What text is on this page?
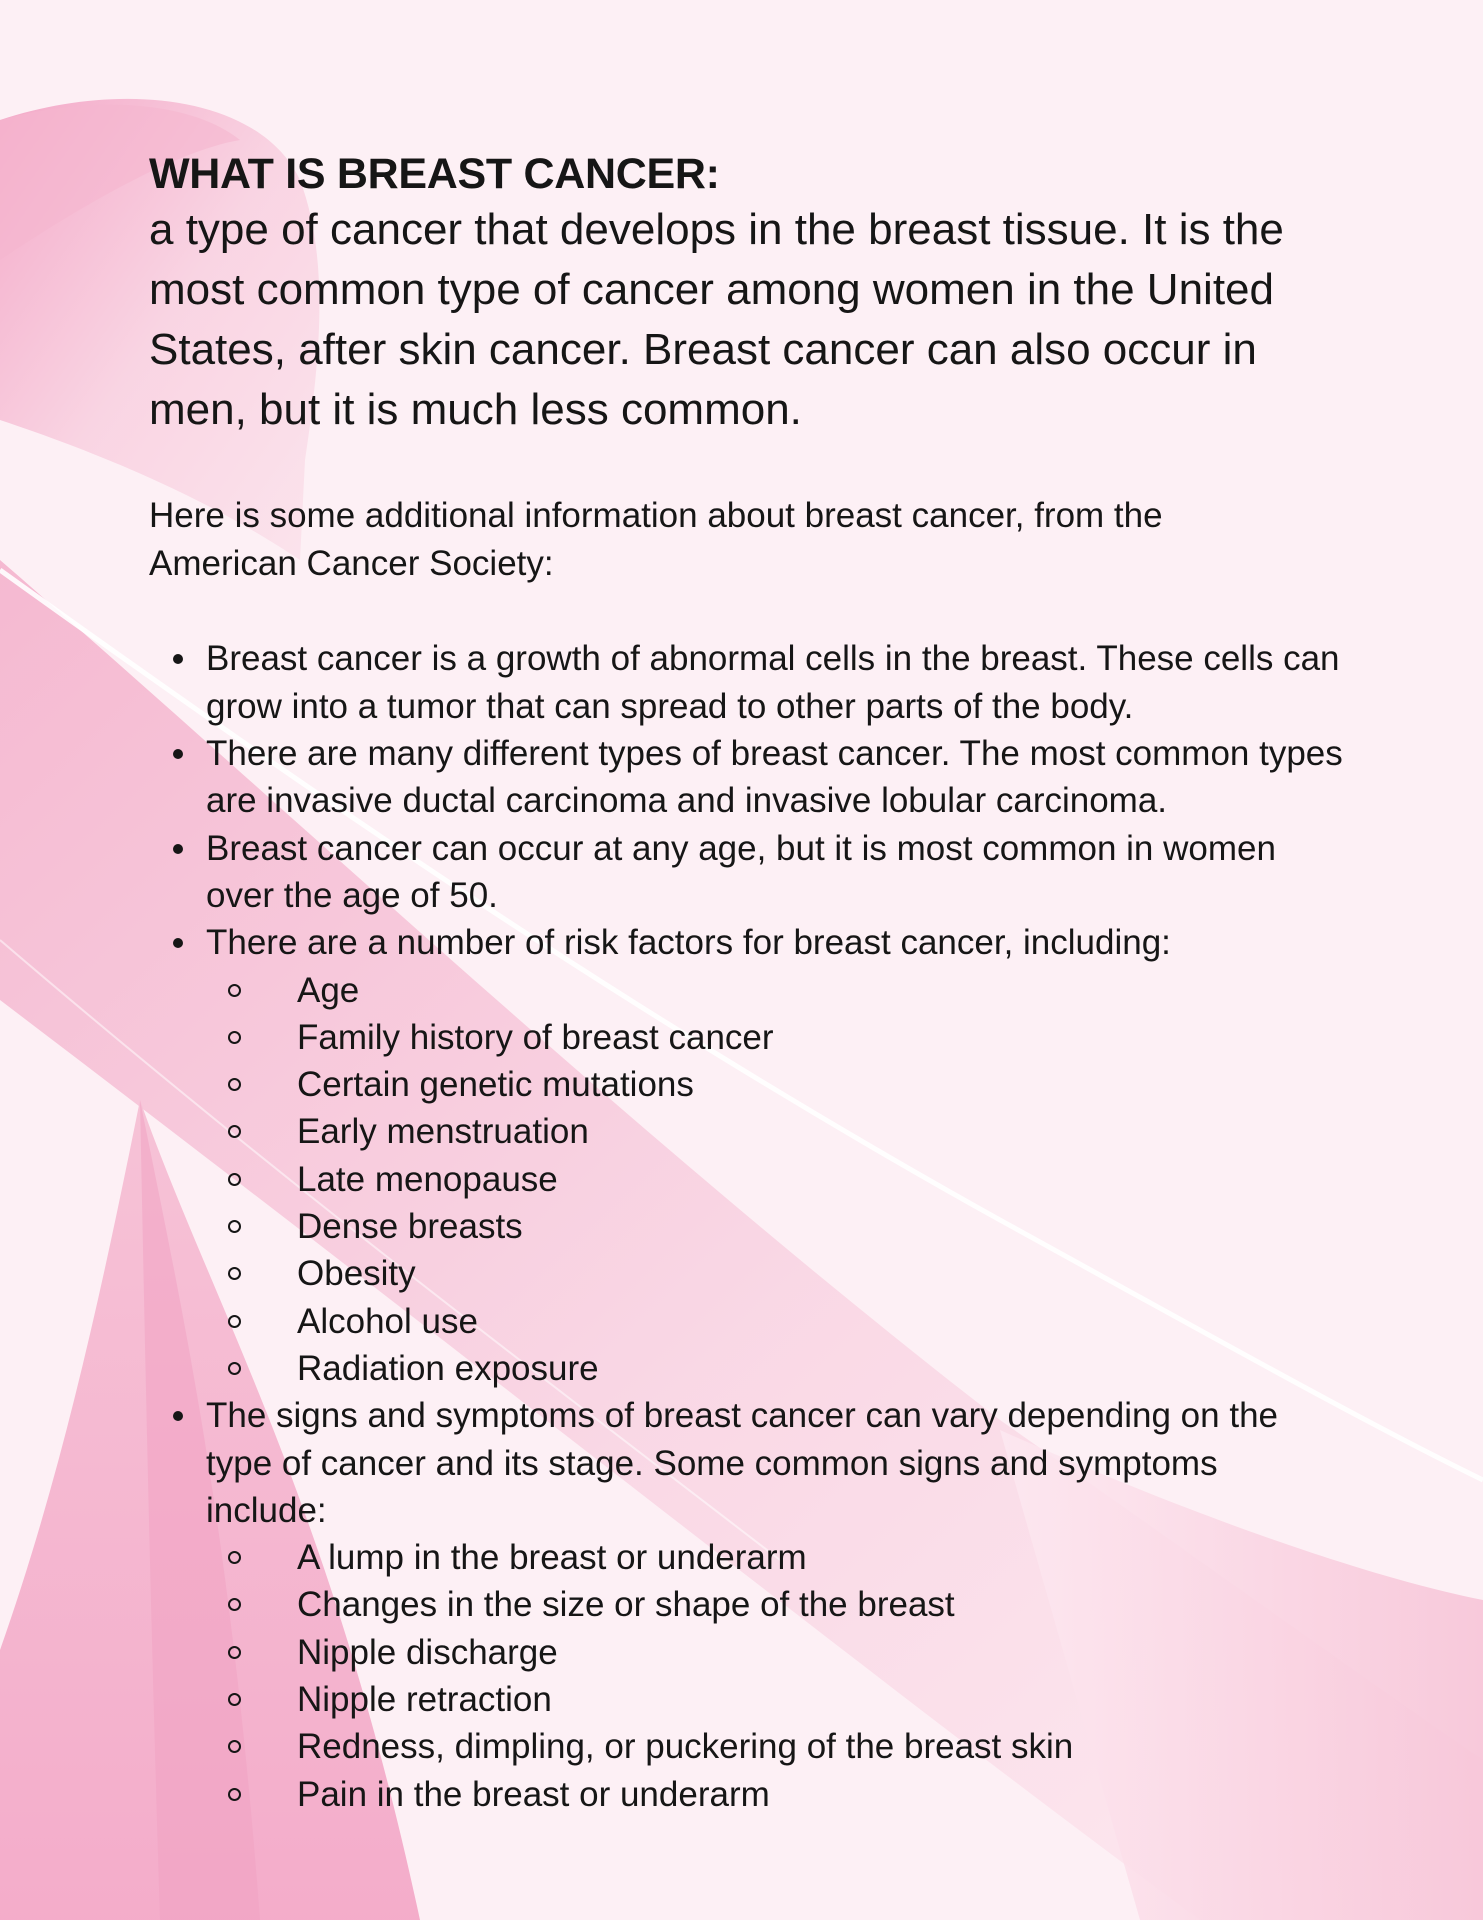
WHAT IS BREAST CANCER:

a type of cancer that develops in the breast tissue. It is the most common type of cancer among women in the United States, after skin cancer. Breast cancer can also occur in men, but it is much less common.

Here is some additional information about breast cancer, from the American Cancer Society:

Breast cancer is a growth of abnormal cells in the breast. These cells can grow into a tumor that can spread to other parts of the body.
There are many different types of breast cancer. The most common types are invasive ductal carcinoma and invasive lobular carcinoma.
Breast cancer can occur at any age, but it is most common in women over the age of 50.
There are a number of risk factors for breast cancer, including:
Age
Family history of breast cancer
Certain genetic mutations
Early menstruation
Late menopause
Dense breasts
Obesity
Alcohol use
Radiation exposure
The signs and symptoms of breast cancer can vary depending on the type of cancer and its stage. Some common signs and symptoms include:
A lump in the breast or underarm
Changes in the size or shape of the breast
Nipple discharge
Nipple retraction
Redness, dimpling, or puckering of the breast skin
Pain in the breast or underarm
